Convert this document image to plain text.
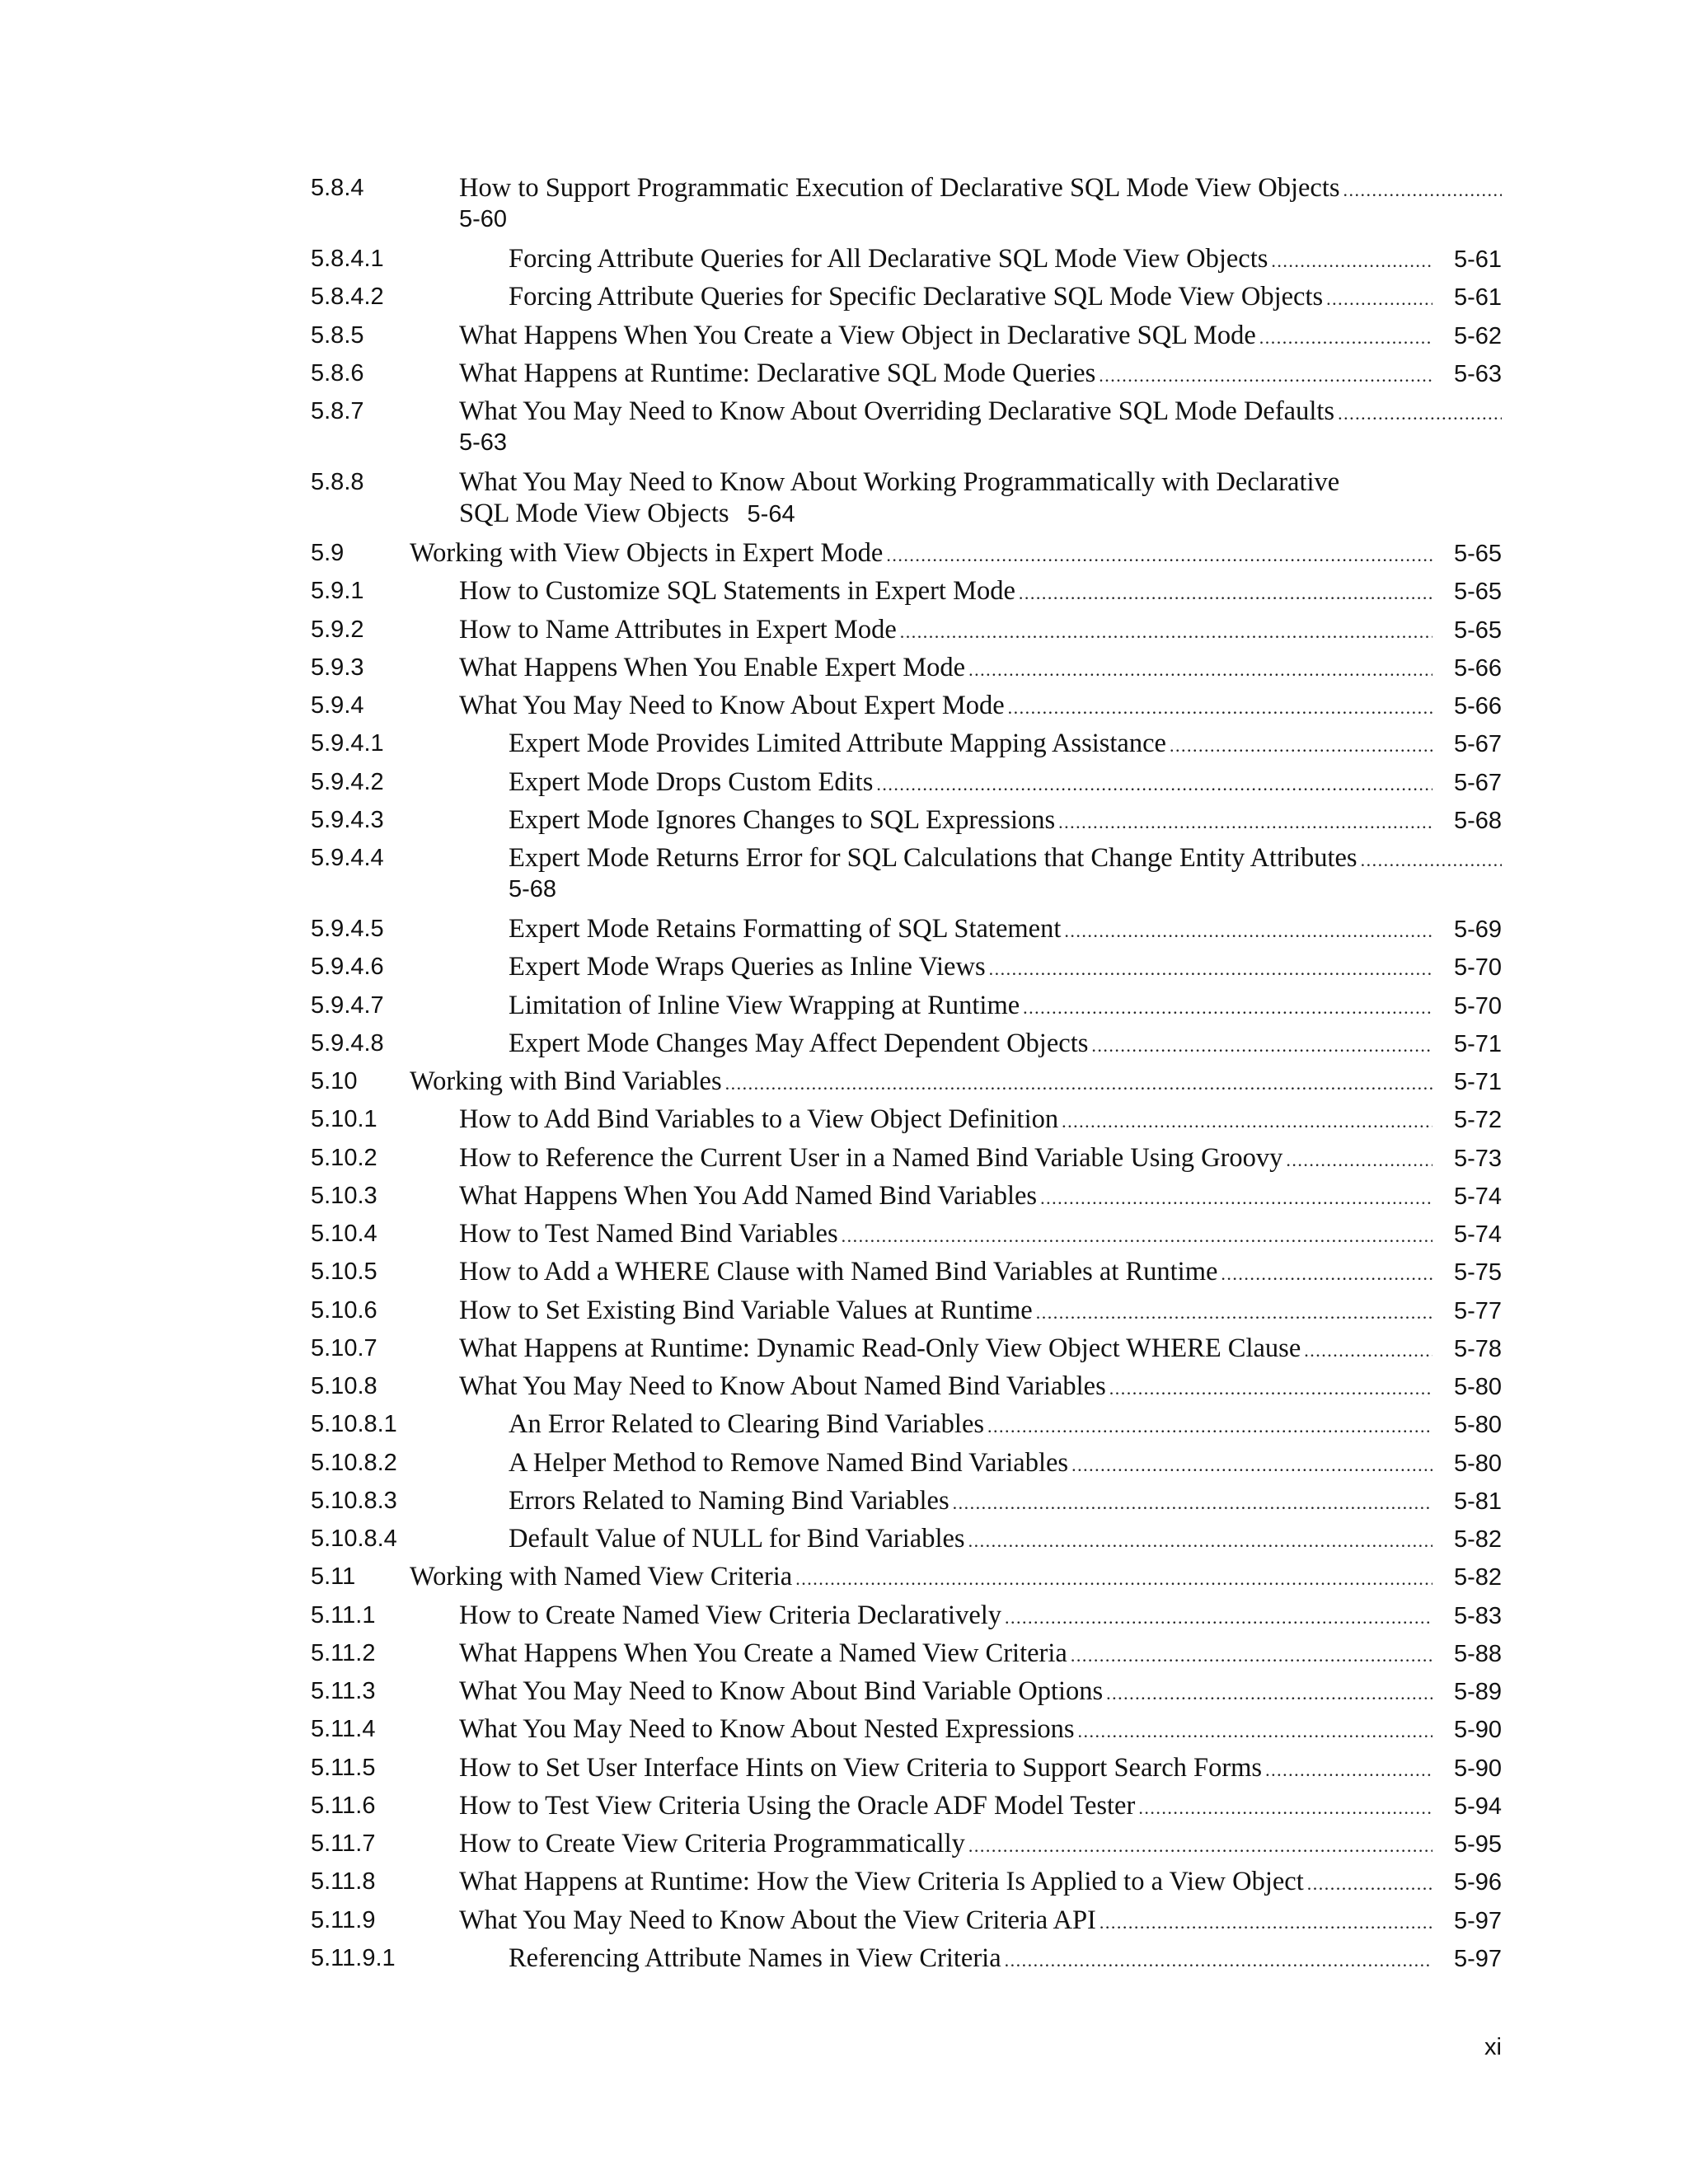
5.8.4	How to Support Programmatic Execution of Declarative SQL Mode View Objects
.....
5-60
5.8.4.1	Forcing Attribute Queries for All Declarative SQL Mode View Objects .....	5-61
5.8.4.2	Forcing Attribute Queries for Specific Declarative SQL Mode View Objects .....	5-61
5.8.5	What Happens When You Create a View Object in Declarative SQL Mode .....	5-62
5.8.6	What Happens at Runtime: Declarative SQL Mode Queries .....	5-63
5.8.7	What You May Need to Know About Overriding Declarative SQL Mode Defaults
.....
5-63
5.8.8	What You May Need to Know About Working Programmatically with Declarative
SQL Mode View Objects 5-64
5.9 Working with View Objects in Expert Mode .....	5-65
5.9.1	How to Customize SQL Statements in Expert Mode .....	5-65
5.9.2	How to Name Attributes in Expert Mode .....	5-65
5.9.3	What Happens When You Enable Expert Mode .....	5-66
5.9.4	What You May Need to Know About Expert Mode .....	5-66
5.9.4.1	Expert Mode Provides Limited Attribute Mapping Assistance .....	5-67
5.9.4.2	Expert Mode Drops Custom Edits .....	5-67
5.9.4.3	Expert Mode Ignores Changes to SQL Expressions .....	5-68
5.9.4.4	Expert Mode Returns Error for SQL Calculations that Change Entity Attributes
.....
5-68
5.9.4.5	Expert Mode Retains Formatting of SQL Statement .....	5-69
5.9.4.6	Expert Mode Wraps Queries as Inline Views .....	5-70
5.9.4.7	Limitation of Inline View Wrapping at Runtime .....	5-70
5.9.4.8	Expert Mode Changes May Affect Dependent Objects .....	5-71
5.10 Working with Bind Variables .....	5-71
5.10.1	How to Add Bind Variables to a View Object Definition .....	5-72
5.10.2	How to Reference the Current User in a Named Bind Variable Using Groovy .....	5-73
5.10.3	What Happens When You Add Named Bind Variables .....	5-74
5.10.4	How to Test Named Bind Variables .....	5-74
5.10.5	How to Add a WHERE Clause with Named Bind Variables at Runtime .....	5-75
5.10.6	How to Set Existing Bind Variable Values at Runtime .....	5-77
5.10.7	What Happens at Runtime: Dynamic Read-Only View Object WHERE Clause .....	5-78
5.10.8	What You May Need to Know About Named Bind Variables .....	5-80
5.10.8.1	An Error Related to Clearing Bind Variables .....	5-80
5.10.8.2	A Helper Method to Remove Named Bind Variables .....	5-80
5.10.8.3	Errors Related to Naming Bind Variables .....	5-81
5.10.8.4	Default Value of NULL for Bind Variables .....	5-82
5.11 Working with Named View Criteria .....	5-82
5.11.1	How to Create Named View Criteria Declaratively .....	5-83
5.11.2	What Happens When You Create a Named View Criteria .....	5-88
5.11.3	What You May Need to Know About Bind Variable Options .....	5-89
5.11.4	What You May Need to Know About Nested Expressions .....	5-90
5.11.5	How to Set User Interface Hints on View Criteria to Support Search Forms .....	5-90
5.11.6	How to Test View Criteria Using the Oracle ADF Model Tester .....	5-94
5.11.7	How to Create View Criteria Programmatically .....	5-95
5.11.8	What Happens at Runtime: How the View Criteria Is Applied to a View Object .....	5-96
5.11.9	What You May Need to Know About the View Criteria API .....	5-97
5.11.9.1	Referencing Attribute Names in View Criteria .....	5-97
xi
